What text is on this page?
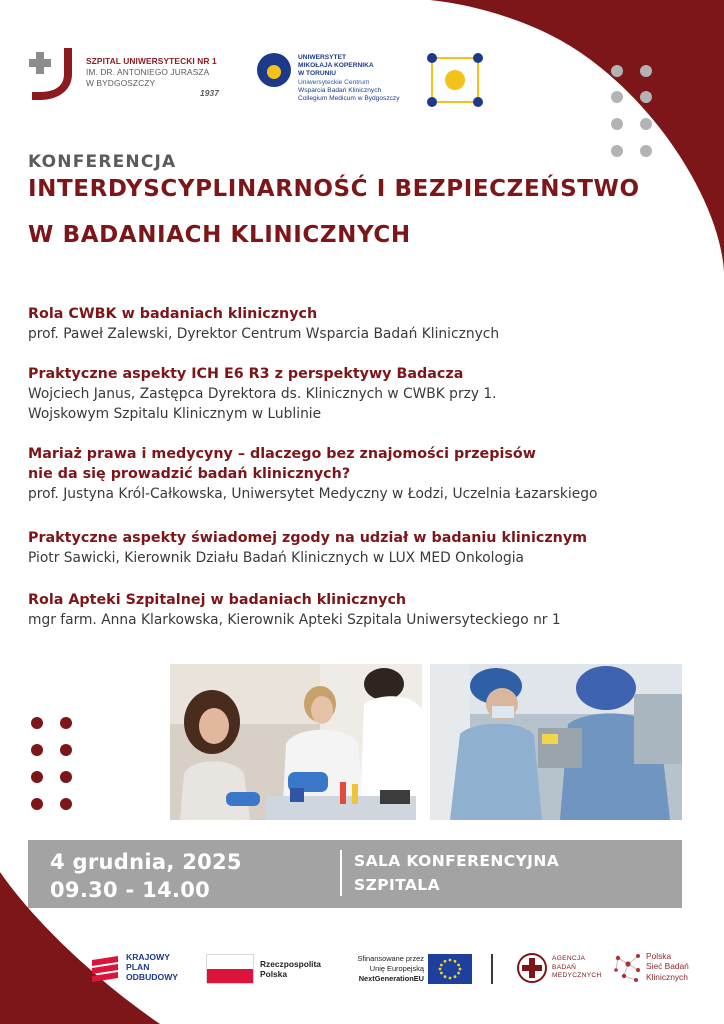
SZPITAL UNIWERSYTECKI NR 1
IM. DR. ANTONIEGO JURASZA
W BYDGOSZCZY
1937
UNIWERSYTET
MIKOŁAJA KOPERNIKA
W TORUNIU
Uniwersyteckie Centrum
Wsparcia Badań Klinicznych
Collegium Medicum w Bydgoszczy
KONFERENCJA
INTERDYSCYPLINARNOŚĆ I BEZPIECZEŃSTWO
W BADANIACH KLINICZNYCH
Rola CWBK w badaniach klinicznych
prof. Paweł Zalewski, Dyrektor Centrum Wsparcia Badań Klinicznych
Praktyczne aspekty ICH E6 R3 z perspektywy Badacza
Wojciech Janus, Zastępca Dyrektora ds. Klinicznych w CWBK przy 1.
Wojskowym Szpitalu Klinicznym w Lublinie
Mariaż prawa i medycyny – dlaczego bez znajomości przepisów
nie da się prowadzić badań klinicznych?
prof. Justyna Król-Całkowska, Uniwersytet Medyczny w Łodzi, Uczelnia Łazarskiego
Praktyczne aspekty świadomej zgody na udział w badaniu klinicznym
Piotr Sawicki, Kierownik Działu Badań Klinicznych w LUX MED Onkologia
Rola Apteki Szpitalnej w badaniach klinicznych
mgr farm. Anna Klarkowska, Kierownik Apteki Szpitala Uniwersyteckiego nr 1
4 grudnia, 2025
09.30 - 14.00
SALA KONFERENCYJNA
SZPITALA
KRAJOWY
PLAN
ODBUDOWY
Rzeczpospolita
Polska
Sfinansowane przez
Unię Europejską
NextGenerationEU
AGENCJA
BADAŃ
MEDYCZNYCH
Polska
Sieć Badań
Klinicznych
